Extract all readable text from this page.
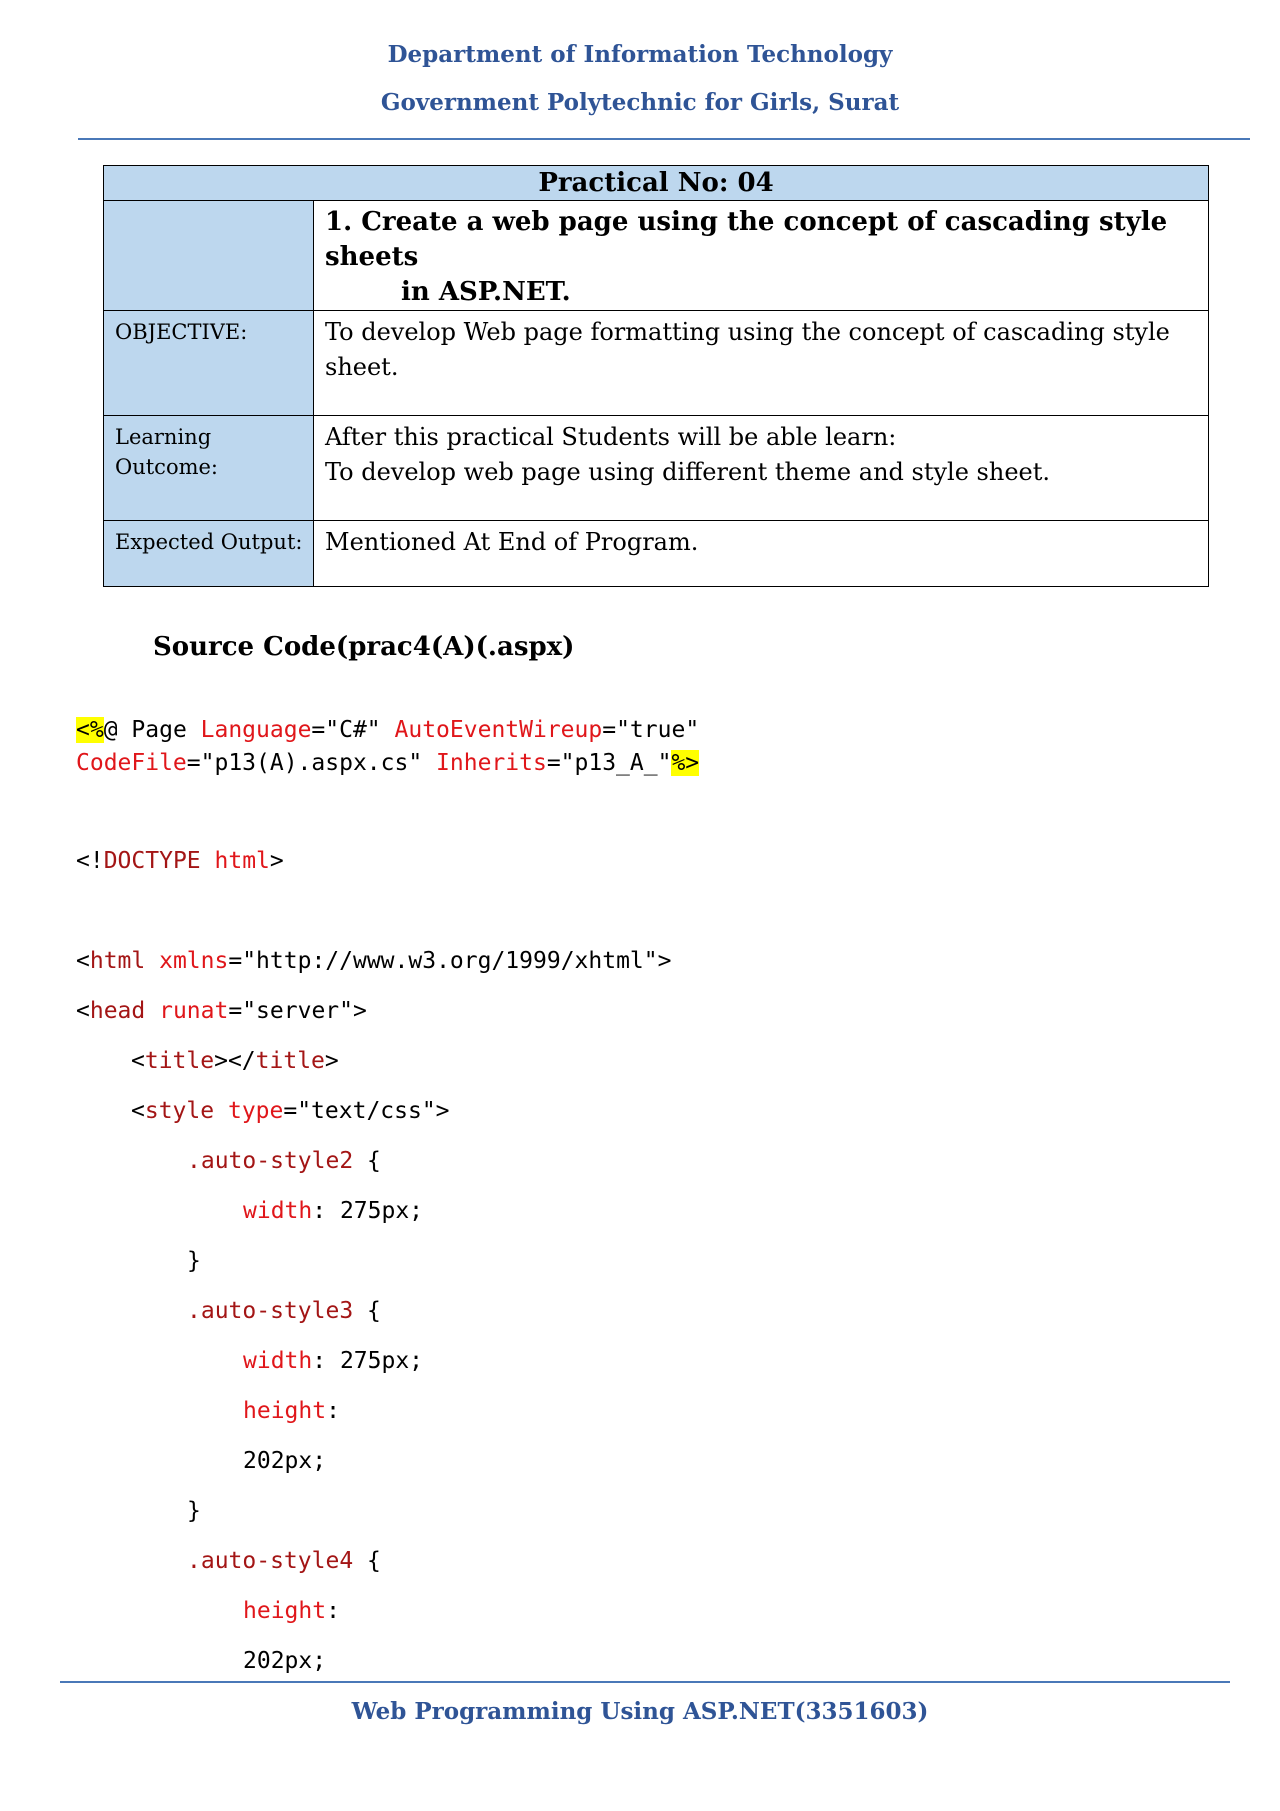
Department of Information Technology
Government Polytechnic for Girls, Surat
Practical No: 04	
	1. Create a web page using the concept of cascading style sheets
in ASP.NET.

OBJECTIVE:	To develop Web page formatting using the concept of cascading style sheet.
Learning Outcome:	After this practical Students will be able learn:
To develop web page using different theme and style sheet.

Expected Output:	Mentioned At End of Program.
Source Code(prac4(A)(.aspx)
<%@ Page Language="C#" AutoEventWireup="true"
CodeFile="p13(A).aspx.cs" Inherits="p13_A_"%>
<!DOCTYPE html>
<html xmlns="http://www.w3.org/1999/xhtml">
<head runat="server">
<title></title>
<style type="text/css">
.auto-style2 {
width: 275px;
}
.auto-style3 {
width: 275px;
height:
202px;
}
.auto-style4 {
height:
202px;
Web Programming Using ASP.NET(3351603)
